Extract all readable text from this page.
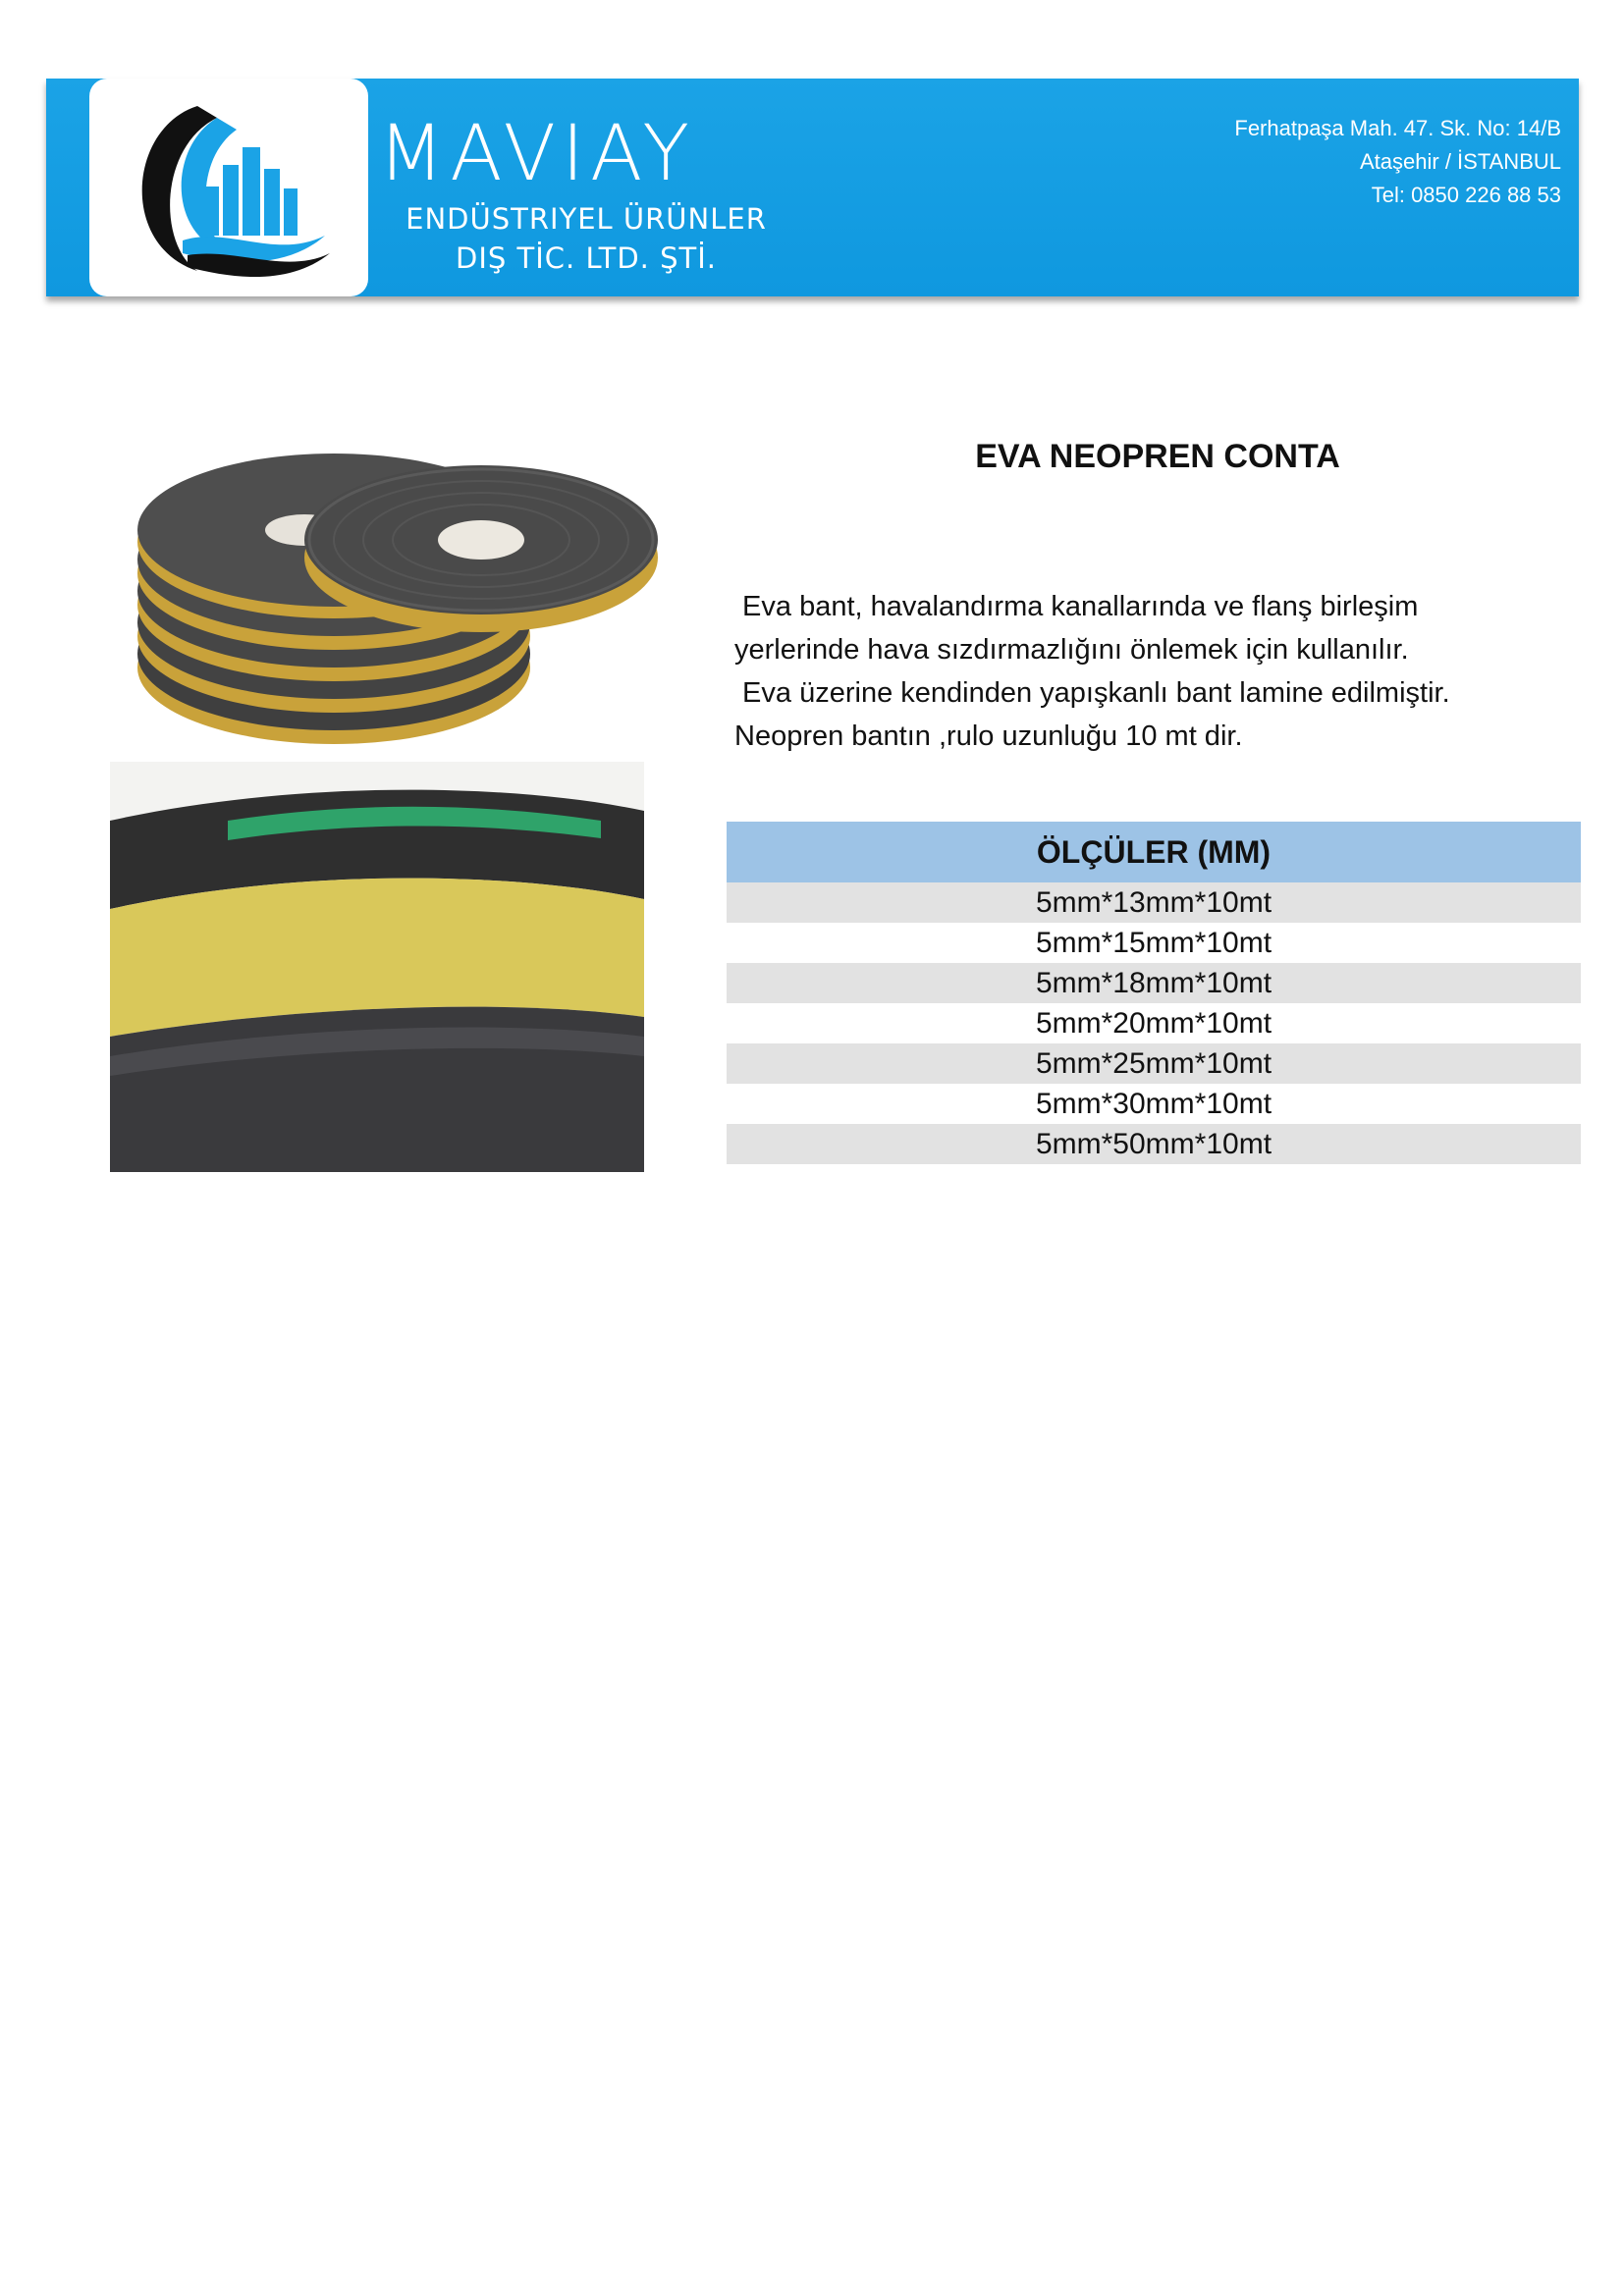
MAVIAY
ENDÜSTRIYEL ÜRÜNLER
DIŞ TİC. LTD. ŞTİ.
Ferhatpaşa Mah. 47. Sk. No: 14/B
Ataşehir / İSTANBUL
Tel: 0850 226 88 53
EVA NEOPREN CONTA

Eva bant, havalandırma kanallarında ve flanş birleşim

yerlerinde hava sızdırmazlığını önlemek için kullanılır.

Eva üzerine kendinden yapışkanlı bant lamine edilmiştir.

Neopren bantın ,rulo uzunluğu 10 mt dir.

ÖLÇÜLER (MM)
5mm*13mm*10mt
5mm*15mm*10mt
5mm*18mm*10mt
5mm*20mm*10mt
5mm*25mm*10mt
5mm*30mm*10mt
5mm*50mm*10mt
